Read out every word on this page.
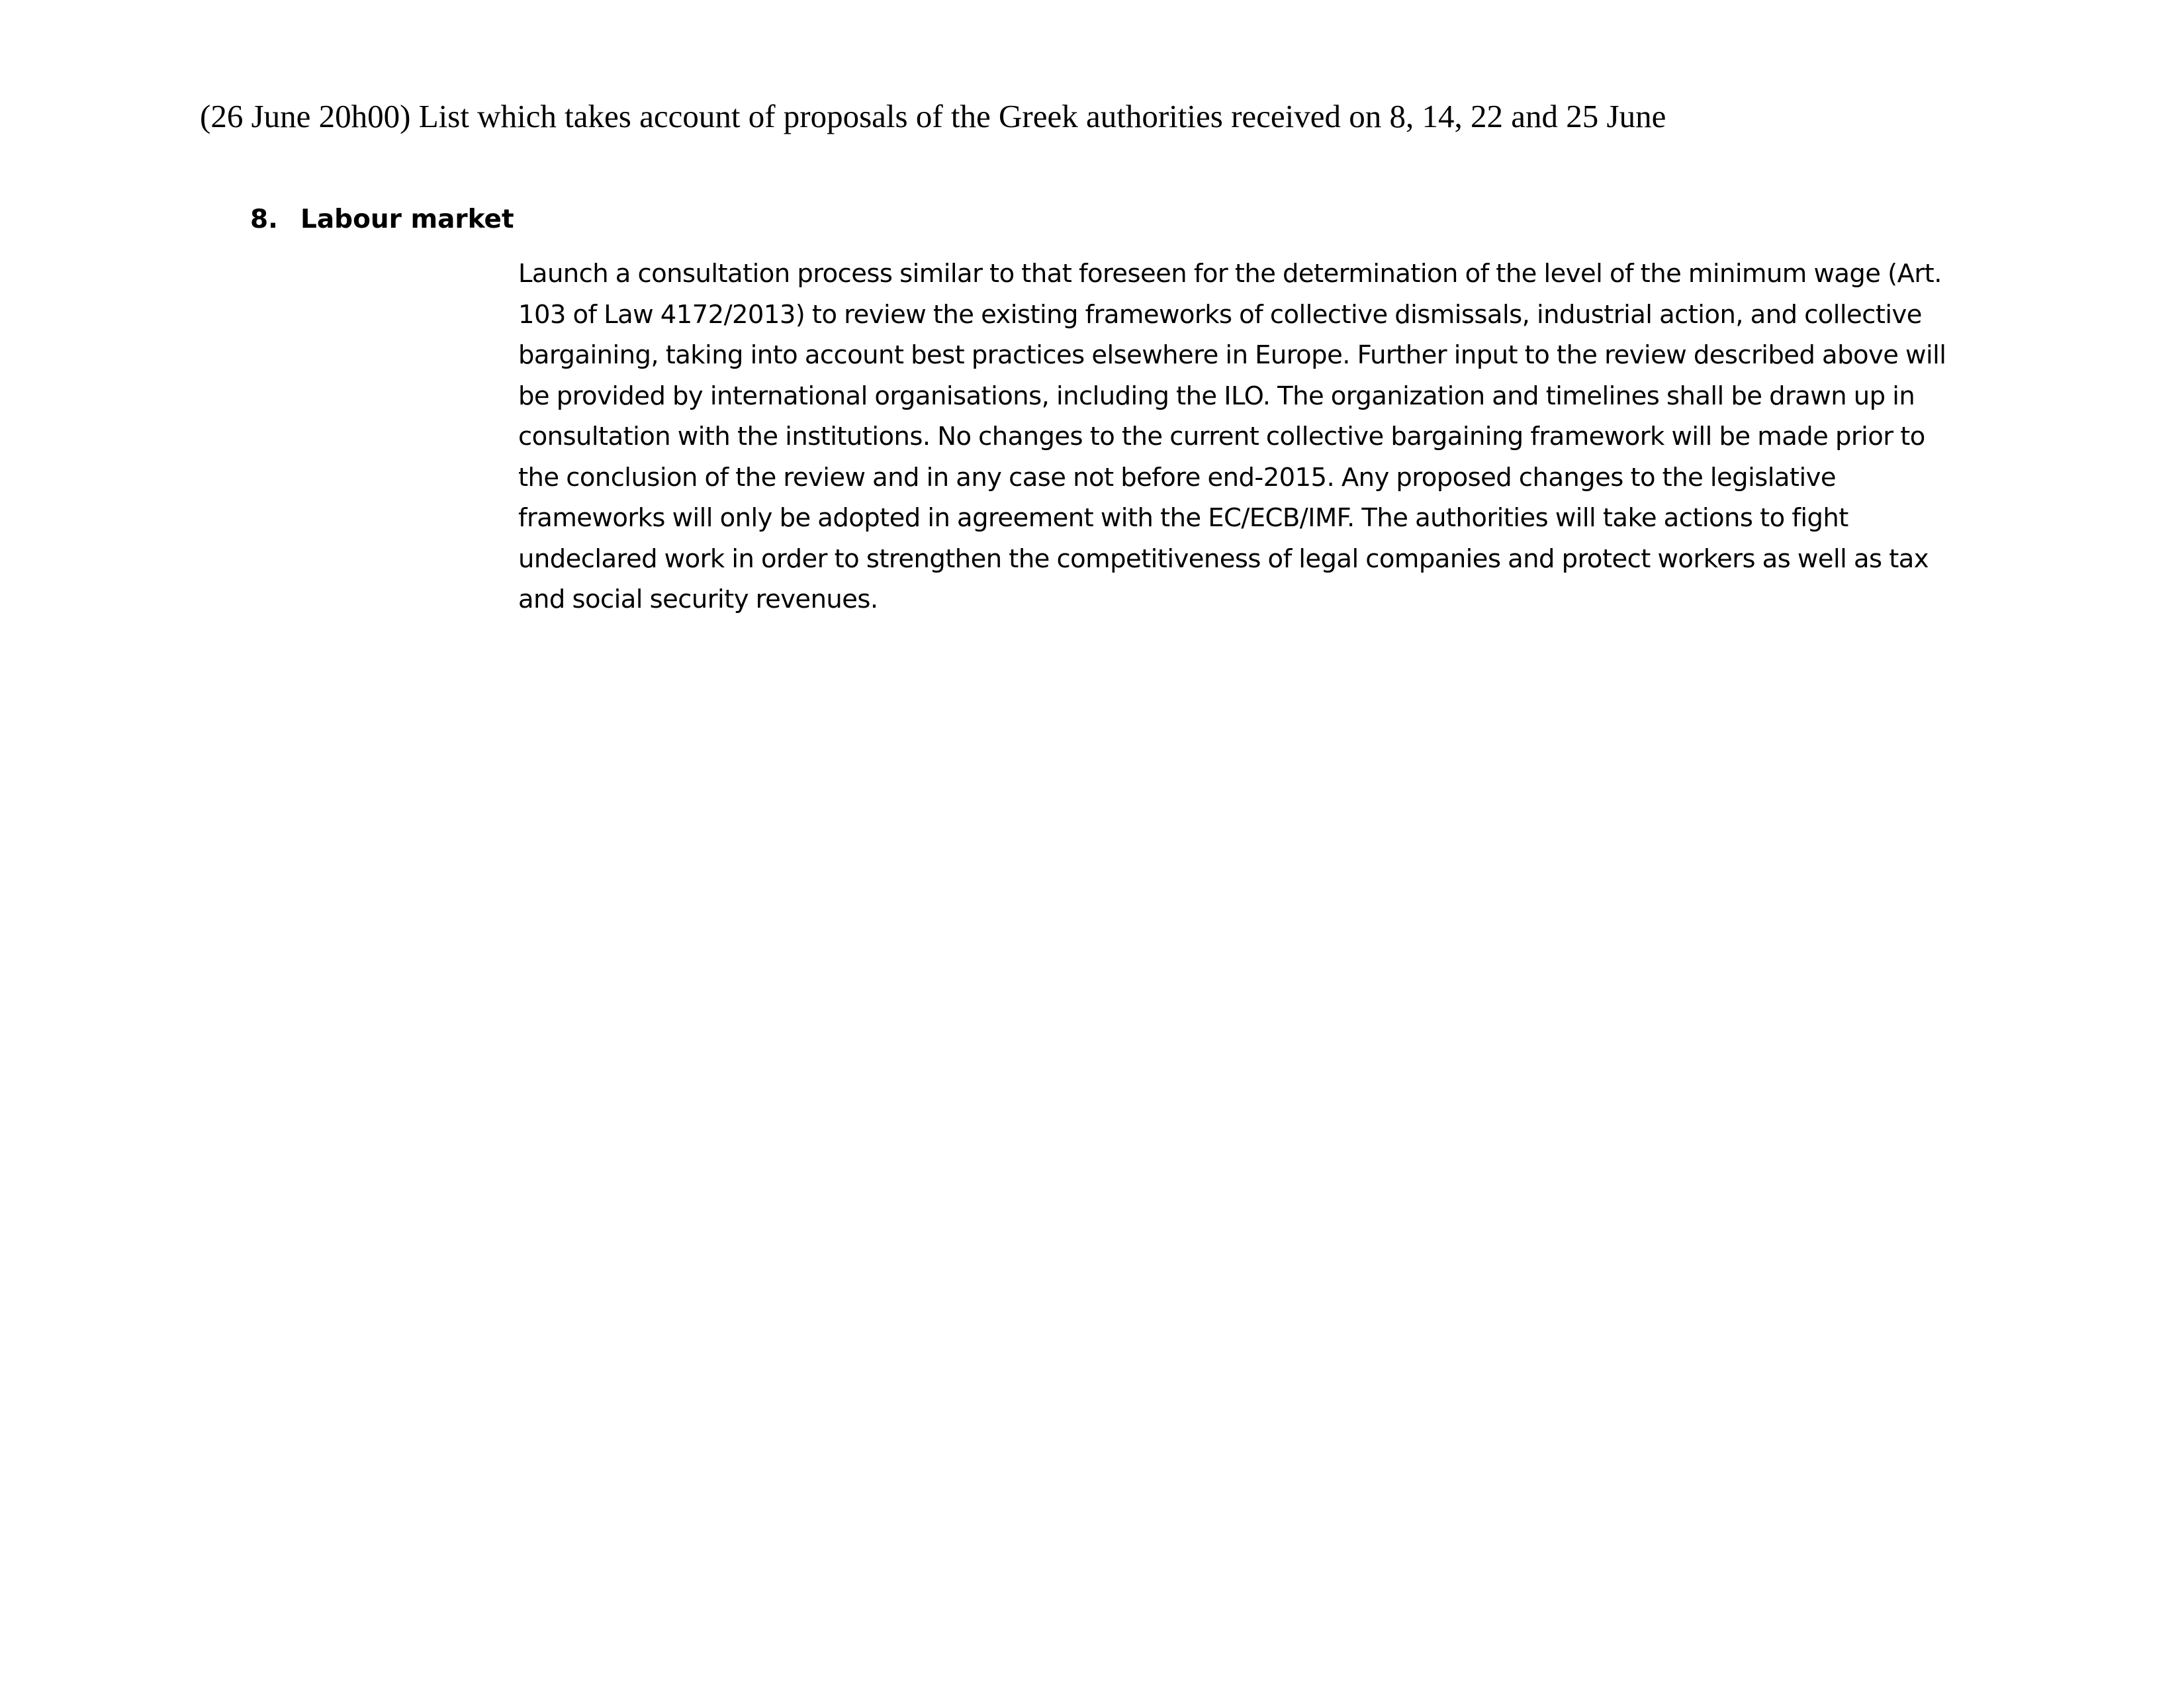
(26 June 20h00) List which takes account of proposals of the Greek authorities received on 8, 14, 22 and 25 June
8. Labour market
Launch a consultation process similar to that foreseen for the determination of the level of the minimum wage (Art. 103 of Law 4172/2013) to review the existing frameworks of collective dismissals, industrial action, and collective bargaining, taking into account best practices elsewhere in Europe. Further input to the review described above will be provided by international organisations, including the ILO. The organization and timelines shall be drawn up in consultation with the institutions. No changes to the current collective bargaining framework will be made prior to the conclusion of the review and in any case not before end-2015. Any proposed changes to the legislative frameworks will only be adopted in agreement with the EC/ECB/IMF. The authorities will take actions to fight undeclared work in order to strengthen the competitiveness of legal companies and protect workers as well as tax and social security revenues.
